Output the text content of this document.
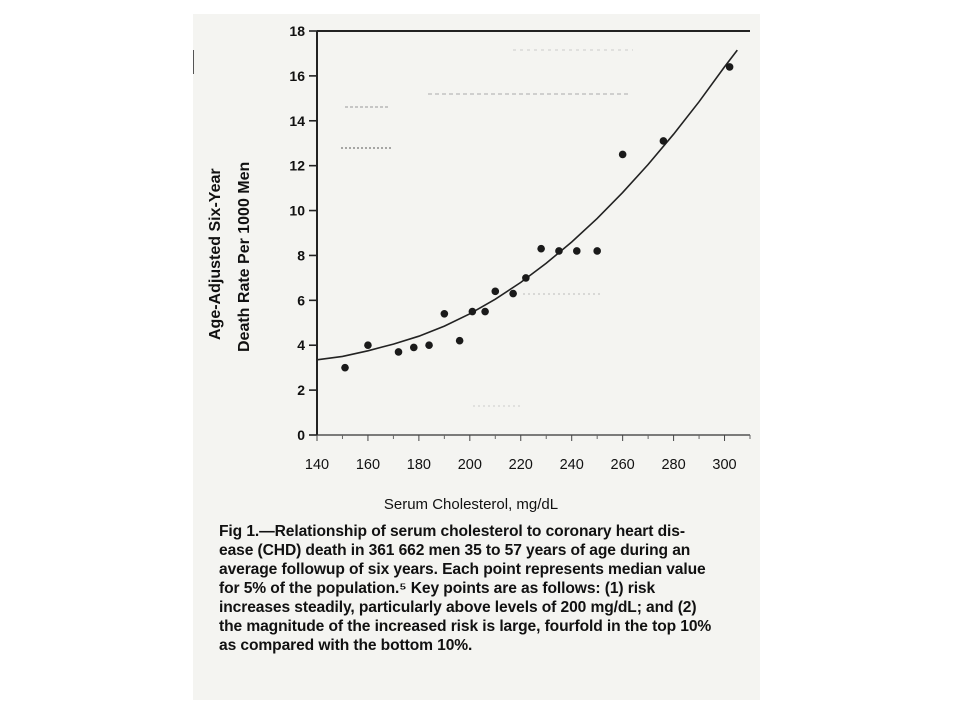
0
2
4
6
8
10
12
14
16
18
140 160 180 200 220 240 260 280 300
Age-Adjusted Six-Year Death Rate Per 1000 Men
Serum Cholesterol, mg/dL
Fig 1.—Relationship of serum cholesterol to coronary heart dis-
ease (CHD) death in 361 662 men 35 to 57 years of age during an
average followup of six years. Each point represents median value
for 5% of the population.⁵ Key points are as follows: (1) risk
increases steadily, particularly above levels of 200 mg/dL; and (2)
the magnitude of the increased risk is large, fourfold in the top 10%
as compared with the bottom 10%.
